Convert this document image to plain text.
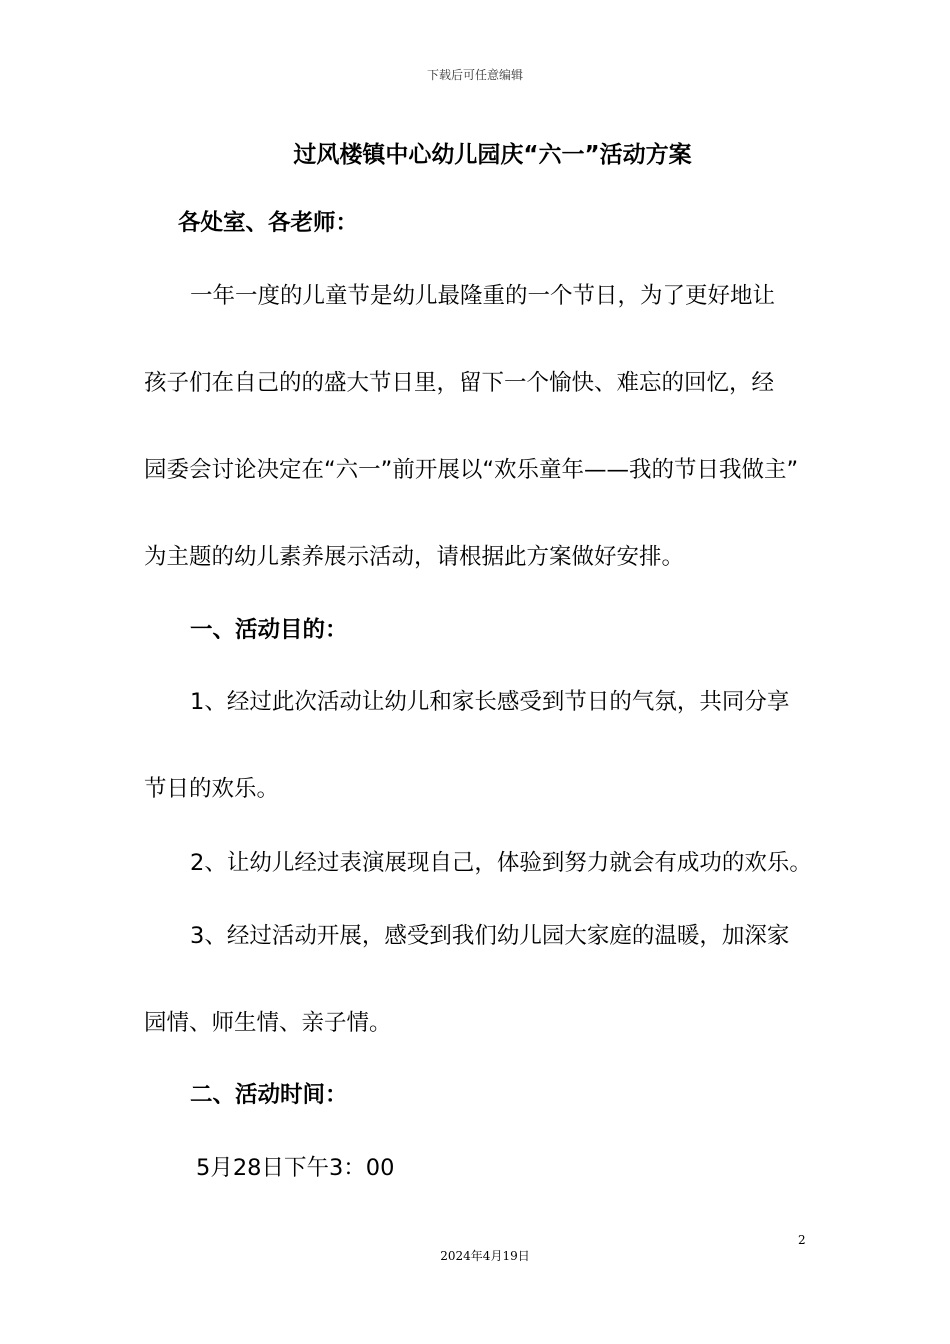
下载后可任意编辑
过风楼镇中心幼儿园庆“六一”活动方案
各处室、各老师：
一年一度的儿童节是幼儿最隆重的一个节日，为了更好地让
孩子们在自己的的盛大节日里，留下一个愉快、难忘的回忆，经
园委会讨论决定在“六一”前开展以“欢乐童年——我的节日我做主”
为主题的幼儿素养展示活动，请根据此方案做好安排。
一、活动目的：
1、经过此次活动让幼儿和家长感受到节日的气氛，共同分享
节日的欢乐。
2、让幼儿经过表演展现自己，体验到努力就会有成功的欢乐。
3、经过活动开展，感受到我们幼儿园大家庭的温暖，加深家
园情、师生情、亲子情。
二、活动时间：
5月28日下午3：00
2
2024年4月19日
